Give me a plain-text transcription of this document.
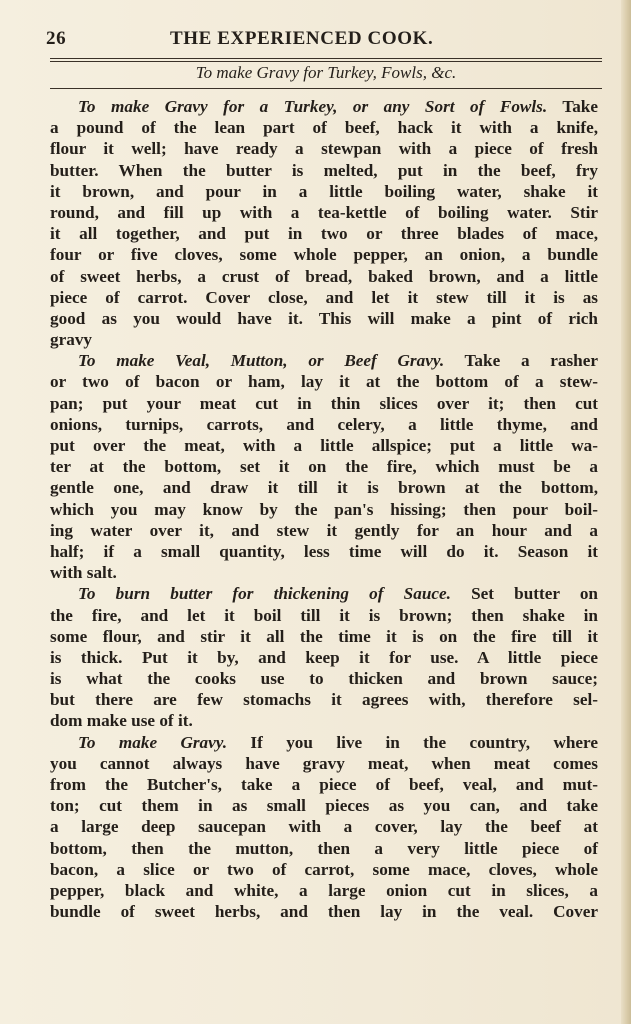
26	THE EXPERIENCED COOK.
To make Gravy for Turkey, Fowls, &c.
To make Gravy for a Turkey, or any Sort of Fowls. Take
a pound of the lean part of beef, hack it with a knife,
flour it well; have ready a stewpan with a piece of fresh
butter. When the butter is melted, put in the beef, fry
it brown, and pour in a little boiling water, shake it
round, and fill up with a tea-kettle of boiling water. Stir
it all together, and put in two or three blades of mace,
four or five cloves, some whole pepper, an onion, a bundle
of sweet herbs, a crust of bread, baked brown, and a little
piece of carrot. Cover close, and let it stew till it is as
good as you would have it. This will make a pint of rich
gravy
To make Veal, Mutton, or Beef Gravy. Take a rasher
or two of bacon or ham, lay it at the bottom of a stew-
pan; put your meat cut in thin slices over it; then cut
onions, turnips, carrots, and celery, a little thyme, and
put over the meat, with a little allspice; put a little wa-
ter at the bottom, set it on the fire, which must be a
gentle one, and draw it till it is brown at the bottom,
which you may know by the pan's hissing; then pour boil-
ing water over it, and stew it gently for an hour and a
half; if a small quantity, less time will do it. Season it
with salt.
To burn butter for thickening of Sauce. Set butter on
the fire, and let it boil till it is brown; then shake in
some flour, and stir it all the time it is on the fire till it
is thick. Put it by, and keep it for use. A little piece
is what the cooks use to thicken and brown sauce;
but there are few stomachs it agrees with, therefore sel-
dom make use of it.
To make Gravy. If you live in the country, where
you cannot always have gravy meat, when meat comes
from the Butcher's, take a piece of beef, veal, and mut-
ton; cut them in as small pieces as you can, and take
a large deep saucepan with a cover, lay the beef at
bottom, then the mutton, then a very little piece of
bacon, a slice or two of carrot, some mace, cloves, whole
pepper, black and white, a large onion cut in slices, a
bundle of sweet herbs, and then lay in the veal. Cover
